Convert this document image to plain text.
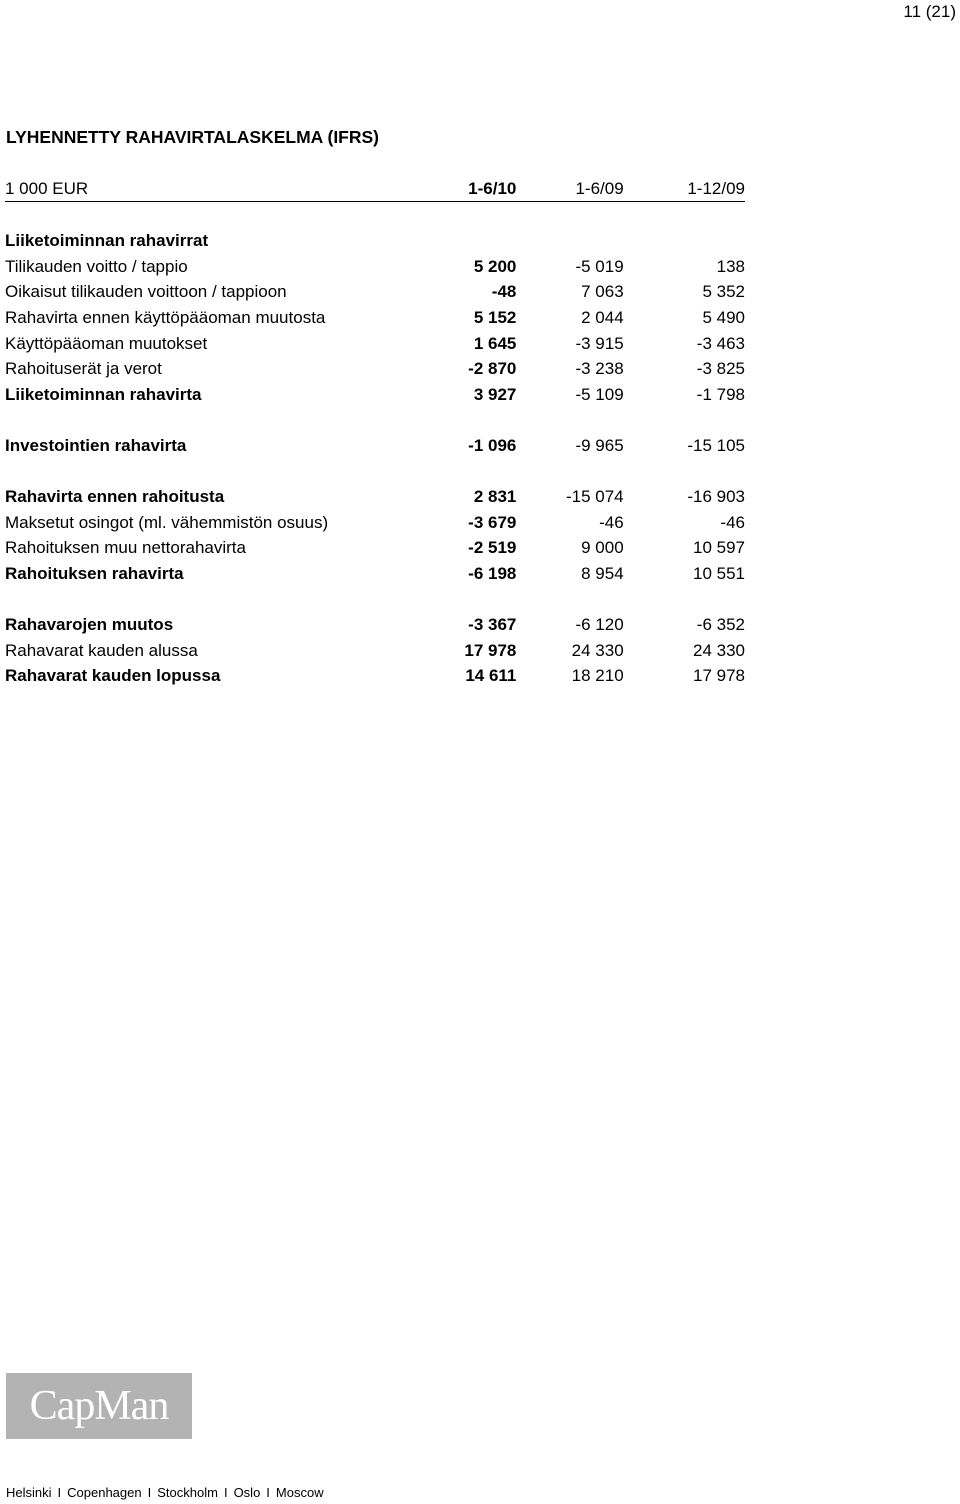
11 (21)
LYHENNETTY RAHAVIRTALASKELMA (IFRS)
1 000 EUR	1-6/10	1-6/09	1-12/09

Liiketoiminnan rahavirrat			
Tilikauden voitto / tappio	5 200	-5 019	138
Oikaisut tilikauden voittoon / tappioon	-48	7 063	5 352
Rahavirta ennen käyttöpääoman muutosta	5 152	2 044	5 490
Käyttöpääoman muutokset	1 645	-3 915	-3 463
Rahoituserät ja verot	-2 870	-3 238	-3 825
Liiketoiminnan rahavirta	3 927	-5 109	-1 798

Investointien rahavirta	-1 096	-9 965	-15 105

Rahavirta ennen rahoitusta	2 831	-15 074	-16 903
Maksetut osingot (ml. vähemmistön osuus)	-3 679	-46	-46
Rahoituksen muu nettorahavirta	-2 519	9 000	10 597
Rahoituksen rahavirta	-6 198	8 954	10 551

Rahavarojen muutos	-3 367	-6 120	-6 352
Rahavarat kauden alussa	17 978	24 330	24 330
Rahavarat kauden lopussa	14 611	18 210	17 978
CapMan
Helsinki I Copenhagen I Stockholm I Oslo I Moscow
